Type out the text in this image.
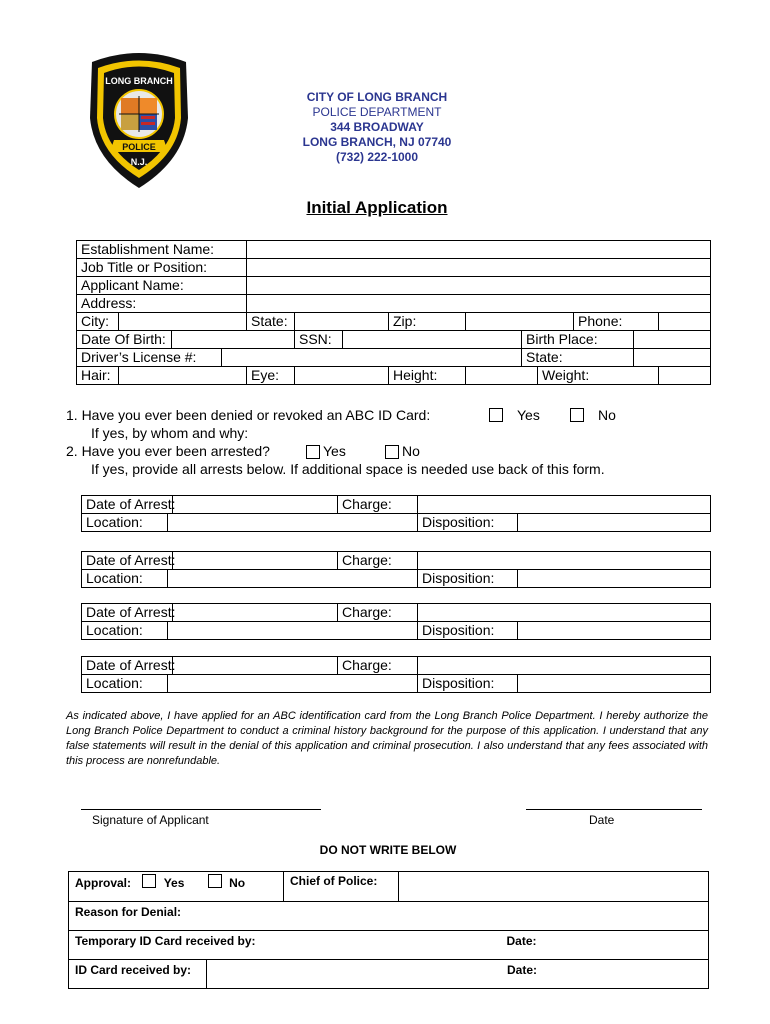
LONG BRANCH
POLICE
N.J.
CITY OF LONG BRANCH
POLICE DEPARTMENT
344 BROADWAY
LONG BRANCH, NJ 07740
(732) 222-1000
Initial Application
Establishment Name:													
Job Title or Position:													
Applicant Name:													
Address:													
City:				State:			Zip:				Phone:		
Date Of Birth:					SSN:				Birth Place:				
Driver’s License #:									State:				
Hair:				Eye:			Height:			Weight:			
1. Have you ever been denied or revoked an ABC ID Card:	Yes	No
If yes, by whom and why:
2. Have you ever been arrested?	Yes	No
If yes, provide all arrests below. If additional space is needed use back of this form.
Date of Arrest:		Charge:		
Location:			Disposition:	
Date of Arrest:		Charge:		
Location:			Disposition:	
Date of Arrest:		Charge:		
Location:			Disposition:	
Date of Arrest:		Charge:		
Location:			Disposition:	
As indicated above, I have applied for an ABC identification card from the Long Branch Police Department. I hereby authorize the Long Branch Police Department to conduct a criminal history background for the purpose of this application. I understand that any false statements will result in the denial of this application and criminal prosecution. I also understand that any fees associated with this process are nonrefundable.
Signature of Applicant	Date
DO NOT WRITE BELOW
Approval: Yes No Chief of Police:		

Reason for Denial:		
Temporary ID Card received by: Date:		

ID Card received by:	Date:	
